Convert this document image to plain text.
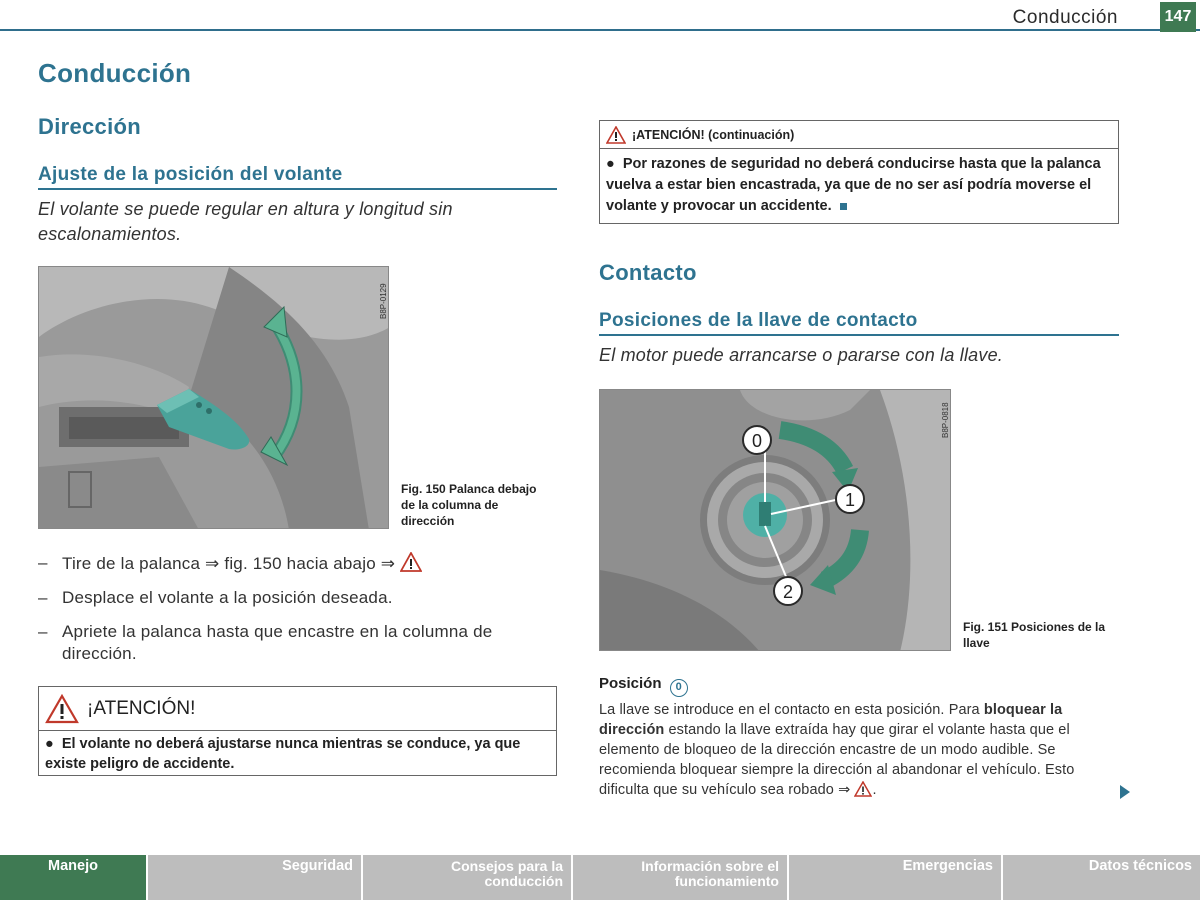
Conducción	147
Conducción
Dirección
Ajuste de la posición del volante
El volante se puede regular en altura y longitud sin escalonamientos.
B8P-0129
Fig. 150 Palanca debajo de la columna de dirección
– Tire de la palanca ⇒ fig. 150 hacia abajo ⇒
– Desplace el volante a la posición deseada.
– Apriete la palanca hasta que encastre en la columna de dirección.
¡ATENCIÓN!
●  El volante no deberá ajustarse nunca mientras se conduce, ya que existe peligro de accidente.
¡ATENCIÓN! (continuación)
●  Por razones de seguridad no deberá conducirse hasta que la palanca vuelva a estar bien encastrada, ya que de no ser así podría moverse el volante y provocar un accidente.
Contacto
Posiciones de la llave de contacto
El motor puede arrancarse o pararse con la llave.
0
1
2
B8P-0818
Fig. 151 Posiciones de la llave
Posición 0
La llave se introduce en el contacto en esta posición. Para bloquear la dirección estando la llave extraída hay que girar el volante hasta que el elemento de bloqueo de la dirección encastre de un modo audible. Se recomienda bloquear siempre la dirección al abandonar el vehículo. Esto dificulta que su vehículo sea robado ⇒ .
Manejo	Seguridad	Consejos para la conducción
Información sobre el funcionamiento
Emergencias	Datos técnicos
